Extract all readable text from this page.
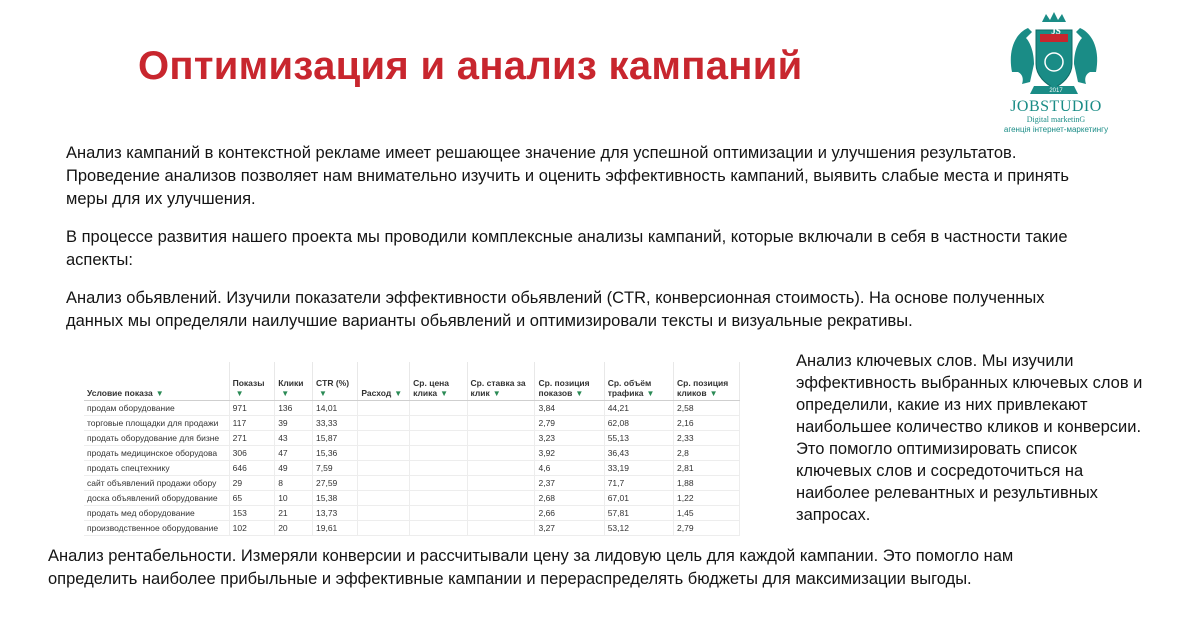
Оптимизация и анализ кампаний
JS
2017
JOBSTUDIO
Digital marketinG
агенція інтернет-маркетингу
Анализ кампаний в контекстной рекламе имеет решающее значение для успешной оптимизации и улучшения результатов. Проведение анализов позволяет нам внимательно изучить и оценить эффективность кампаний, выявить слабые места и принять меры для их улучшения.
В процессе развития нашего проекта мы проводили комплексные анализы кампаний, которые включали в себя в частности такие аспекты:
Анализ обьявлений. Изучили показатели эффективности обьявлений (CTR, конверсионная стоимость). На основе полученных данных мы определяли наилучшие варианты обьявлений и оптимизировали тексты и визуальные рекративы.
Анализ ключевых слов. Мы изучили эффективность выбранных ключевых слов и определили, какие из них привлекают наибольшее количество кликов и конверсии. Это помогло оптимизировать список ключевых слов и сосредоточиться на наиболее релевантных и результивных запросах.
Анализ рентабельности. Измеряли конверсии и рассчитывали цену за лидовую цель для каждой кампании. Это помогло нам определить наиболее прибыльные и эффективные кампании и перераспределять бюджеты для максимизации выгоды.
Условие показа ▼	Показы▼	Клики▼	CTR (%)▼	Расход ▼	Ср. цена клика ▼	Ср. ставка за клик ▼	Ср. позиция показов ▼	Ср. объём трафика ▼	Ср. позиция кликов ▼
продам оборудование	971	136	14,01				3,84	44,21	2,58
торговые площадки для продажи	117	39	33,33				2,79	62,08	2,16
продать оборудование для бизне	271	43	15,87				3,23	55,13	2,33
продать медицинское оборудова	306	47	15,36				3,92	36,43	2,8
продать спецтехнику	646	49	7,59				4,6	33,19	2,81
сайт объявлений продажи обору	29	8	27,59				2,37	71,7	1,88
доска объявлений оборудование	65	10	15,38				2,68	67,01	1,22
продать мед оборудование	153	21	13,73				2,66	57,81	1,45
производственное оборудование	102	20	19,61				3,27	53,12	2,79
